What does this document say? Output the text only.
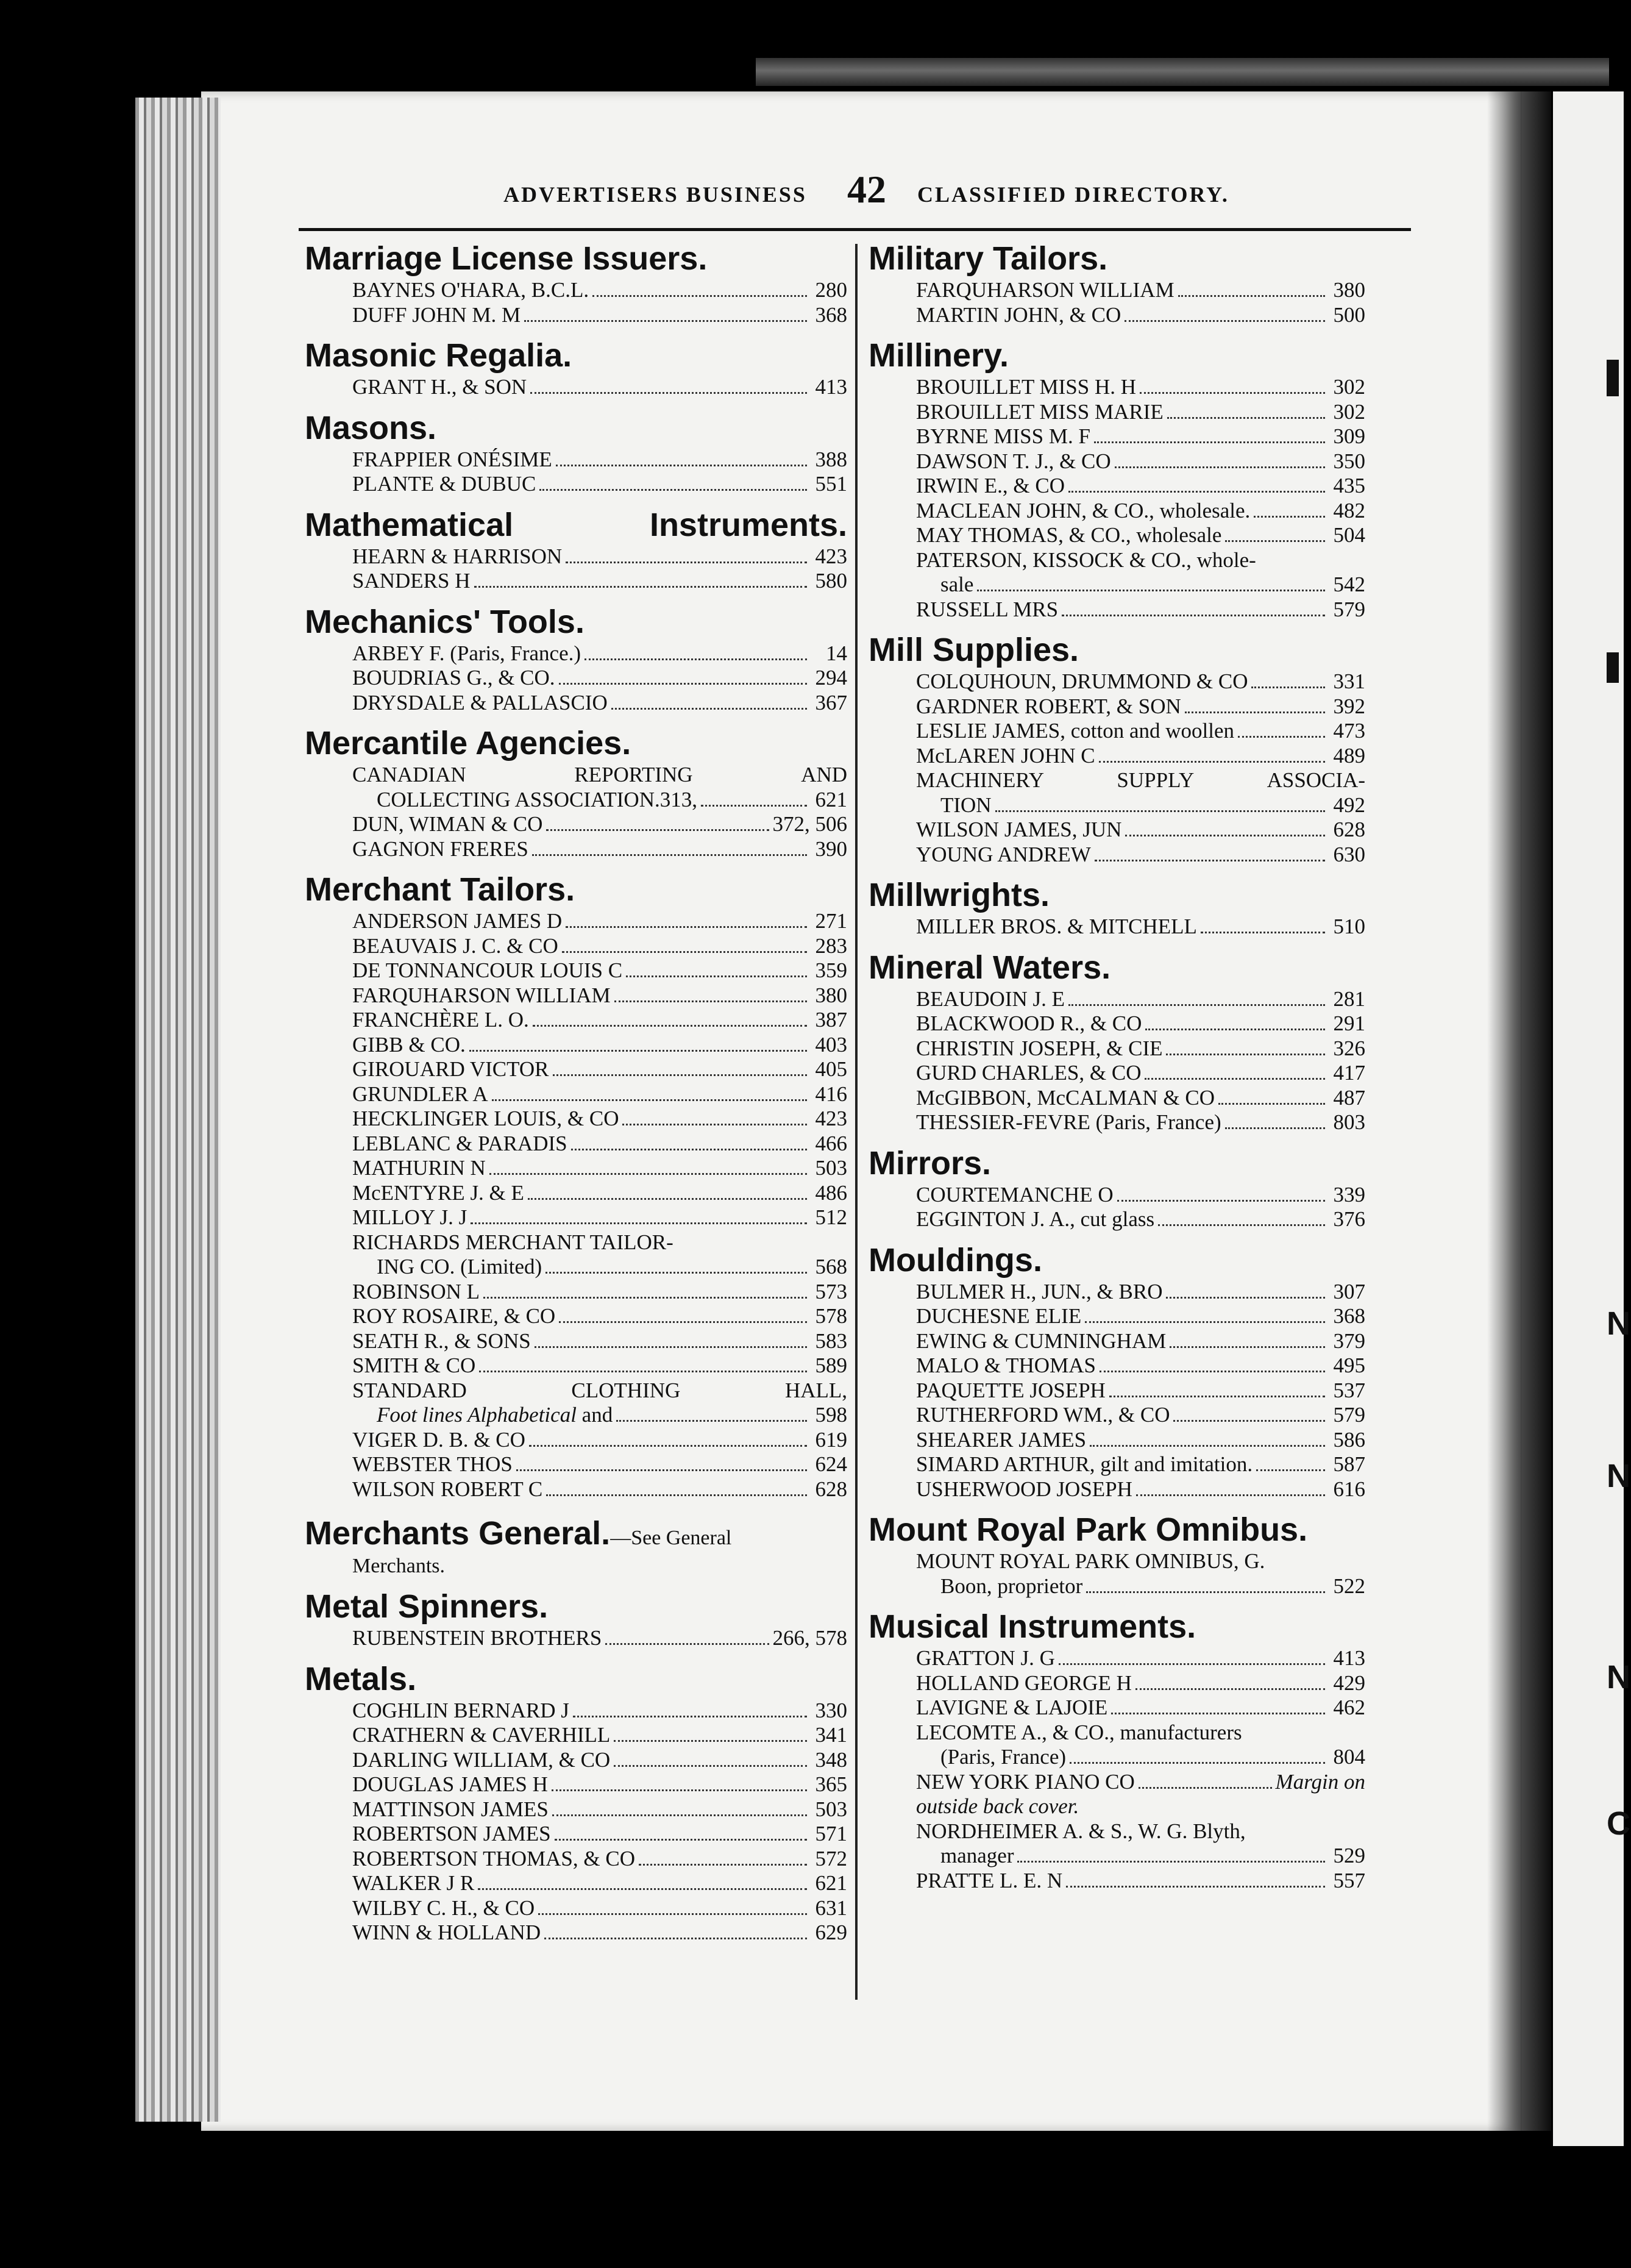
N
N
N
C
ADVERTISERS BUSINESS 42 CLASSIFIED DIRECTORY.
Marriage License Issuers.
BAYNES O'HARA, B.C.L.	280
DUFF JOHN M. M	368
Masonic Regalia.
GRANT H., & SON	413
Masons.
FRAPPIER ONÉSIME	388
PLANTE & DUBUC	551
Mathematical	Instruments.
HEARN & HARRISON	423
SANDERS H	580
Mechanics' Tools.
ARBEY F. (Paris, France.)	14
BOUDRIAS G., & CO.	294
DRYSDALE & PALLASCIO	367
Mercantile Agencies.
CANADIAN	REPORTING	AND
COLLECTING ASSOCIATION.313,	621
DUN, WIMAN & CO	372, 506
GAGNON FRERES	390
Merchant Tailors.
ANDERSON JAMES D	271
BEAUVAIS J. C. & CO	283
DE TONNANCOUR LOUIS C	359
FARQUHARSON WILLIAM	380
FRANCHÈRE L. O.	387
GIBB & CO.	403
GIROUARD VICTOR	405
GRUNDLER A	416
HECKLINGER LOUIS, & CO	423
LEBLANC & PARADIS	466
MATHURIN N	503
McENTYRE J. & E	486
MILLOY J. J	512
RICHARDS MERCHANT TAILOR-
ING CO. (Limited)	568
ROBINSON L	573
ROY ROSAIRE, & CO	578
SEATH R., & SONS	583
SMITH & CO	589
STANDARD	CLOTHING	HALL,
Foot lines Alphabetical and	598
VIGER D. B. & CO	619
WEBSTER THOS	624
WILSON ROBERT C	628
Merchants General.—See General
Merchants.
Metal Spinners.
RUBENSTEIN BROTHERS	266, 578
Metals.
COGHLIN BERNARD J	330
CRATHERN & CAVERHILL	341
DARLING WILLIAM, & CO	348
DOUGLAS JAMES H	365
MATTINSON JAMES	503
ROBERTSON JAMES	571
ROBERTSON THOMAS, & CO	572
WALKER J R	621
WILBY C. H., & CO	631
WINN & HOLLAND	629
Military Tailors.
FARQUHARSON WILLIAM	380
MARTIN JOHN, & CO	500
Millinery.
BROUILLET MISS H. H	302
BROUILLET MISS MARIE	302
BYRNE MISS M. F	309
DAWSON T. J., & CO	350
IRWIN E., & CO	435
MACLEAN JOHN, & CO., wholesale.	482
MAY THOMAS, & CO., wholesale	504
PATERSON, KISSOCK & CO., whole-
sale	542
RUSSELL MRS	579
Mill Supplies.
COLQUHOUN, DRUMMOND & CO	331
GARDNER ROBERT, & SON	392
LESLIE JAMES, cotton and woollen	473
McLAREN JOHN C	489
MACHINERY	SUPPLY	ASSOCIA-
TION	492
WILSON JAMES, JUN	628
YOUNG ANDREW	630
Millwrights.
MILLER BROS. & MITCHELL	510
Mineral Waters.
BEAUDOIN J. E	281
BLACKWOOD R., & CO	291
CHRISTIN JOSEPH, & CIE	326
GURD CHARLES, & CO	417
McGIBBON, McCALMAN & CO	487
THESSIER-FEVRE (Paris, France)	803
Mirrors.
COURTEMANCHE O	339
EGGINTON J. A., cut glass	376
Mouldings.
BULMER H., JUN., & BRO	307
DUCHESNE ELIE	368
EWING & CUMNINGHAM	379
MALO & THOMAS	495
PAQUETTE JOSEPH	537
RUTHERFORD WM., & CO	579
SHEARER JAMES	586
SIMARD ARTHUR, gilt and imitation.	587
USHERWOOD JOSEPH	616
Mount Royal Park Omnibus.
MOUNT ROYAL PARK OMNIBUS, G.
Boon, proprietor	522
Musical Instruments.
GRATTON J. G	413
HOLLAND GEORGE H	429
LAVIGNE & LAJOIE	462
LECOMTE A., & CO., manufacturers
(Paris, France)	804
NEW YORK PIANO CO	Margin on
outside back cover.
NORDHEIMER A. & S., W. G. Blyth,
manager	529
PRATTE L. E. N	557
